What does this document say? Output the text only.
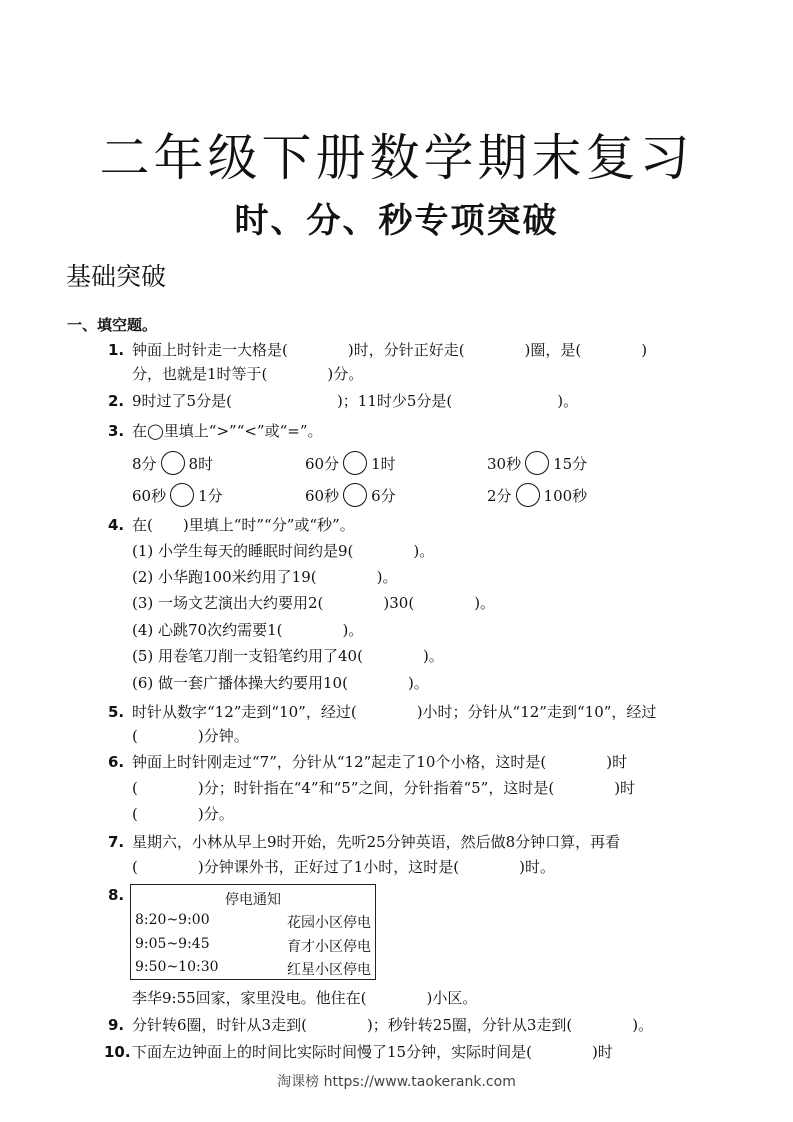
二年级下册数学期末复习
时、分、秒专项突破
基础突破
一、填空题。
1. 钟面上时针走一大格是(　　　　)时，分针正好走(　　　　)圈，是(　　　　)
分，也就是1时等于(　　　　)分。
2. 9时过了5分是(　　　　　　　)；11时少5分是(　　　　　　　)。
3. 在◯里填上“>”“<”或“=”。
8分 8时	60分 1时	30秒 15分
60秒 1分	60秒 6分	2分 100秒
4. 在(　　)里填上“时”“分”或“秒”。
(1) 小学生每天的睡眠时间约是9(　　　　)。
(2) 小华跑100米约用了19(　　　　)。
(3) 一场文艺演出大约要用2(　　　　)30(　　　　)。
(4) 心跳70次约需要1(　　　　)。
(5) 用卷笔刀削一支铅笔约用了40(　　　　)。
(6) 做一套广播体操大约要用10(　　　　)。
5. 时针从数字“12”走到“10”，经过(　　　　)小时；分针从“12”走到“10”，经过
(　　　　)分钟。
6. 钟面上时针刚走过“7”，分针从“12”起走了10个小格，这时是(　　　　)时
(　　　　)分；时针指在“4”和“5”之间，分针指着“5”，这时是(　　　　)时
(　　　　)分。
7. 星期六，小林从早上9时开始，先听25分钟英语，然后做8分钟口算，再看
(　　　　)分钟课外书，正好过了1小时，这时是(　　　　)时。
8.	停电通知
8:20~9:00	花园小区停电
9:05~9:45	育才小区停电
9:50~10:30	红星小区停电
李华9:55回家，家里没电。他住在(　　　　)小区。
9. 分针转6圈，时针从3走到(　　　　)；秒针转25圈，分针从3走到(　　　　)。
10. 下面左边钟面上的时间比实际时间慢了15分钟，实际时间是(　　　　)时
淘课榜 https://www.taokerank.com
